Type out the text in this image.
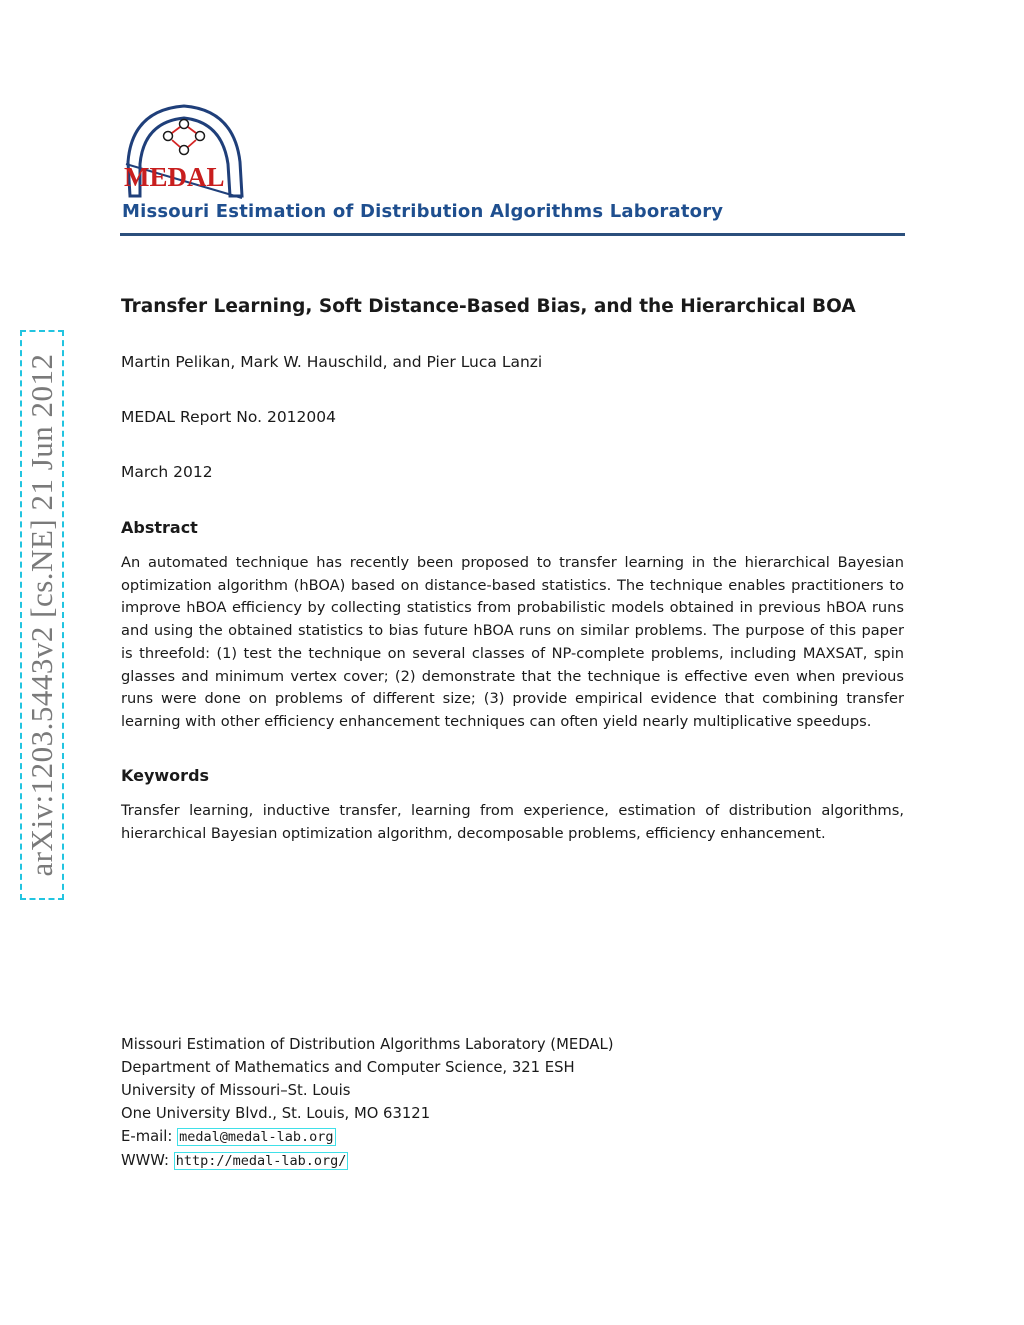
arXiv:1203.5443v2 [cs.NE] 21 Jun 2012
MEDAL
Missouri Estimation of Distribution Algorithms Laboratory
Transfer Learning, Soft Distance-Based Bias, and the Hierarchical BOA
Martin Pelikan, Mark W. Hauschild, and Pier Luca Lanzi
MEDAL Report No. 2012004
March 2012
Abstract

An automated technique has recently been proposed to transfer learning in the hierarchical Bayesian optimization algorithm (hBOA) based on distance-based statistics. The technique enables practitioners to improve hBOA efficiency by collecting statistics from probabilistic models obtained in previous hBOA runs and using the obtained statistics to bias future hBOA runs on similar problems. The purpose of this paper is threefold: (1) test the technique on several classes of NP-complete problems, including MAXSAT, spin glasses and minimum vertex cover; (2) demonstrate that the technique is effective even when previous runs were done on problems of different size; (3) provide empirical evidence that combining transfer learning with other efficiency enhancement techniques can often yield nearly multiplicative speedups.

Keywords

Transfer learning, inductive transfer, learning from experience, estimation of distribution algorithms, hierarchical Bayesian optimization algorithm, decomposable problems, efficiency enhancement.

Missouri Estimation of Distribution Algorithms Laboratory (MEDAL)
Department of Mathematics and Computer Science, 321 ESH
University of Missouri–St. Louis
One University Blvd., St. Louis, MO 63121
E-mail: medal@medal-lab.org
WWW: http://medal-lab.org/
